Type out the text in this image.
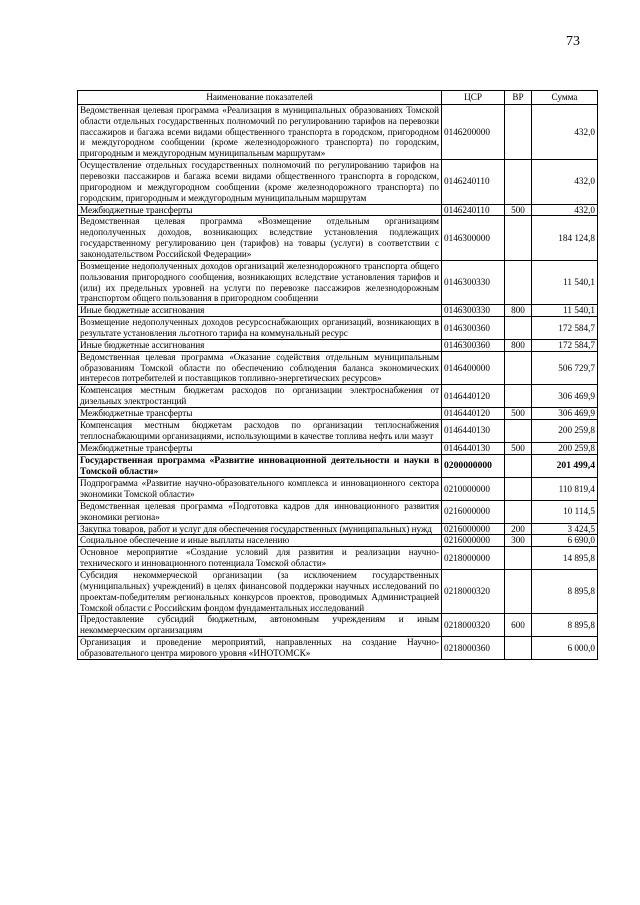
73
Наименование показателей	ЦСР	ВР	Сумма
Ведомственная целевая программа «Реализация в муниципальных образованиях Томской области отдельных государственных полномочий по регулированию тарифов на перевозки пассажиров и багажа всеми видами общественного транспорта в городском, пригородном и междугородном сообщении (кроме железнодорожного транспорта) по городским, пригородным и междугородным муниципальным маршрутам»	0146200000		432,0
Осуществление отдельных государственных полномочий по регулированию тарифов на перевозки пассажиров и багажа всеми видами общественного транспорта в городском, пригородном и междугородном сообщении (кроме железнодорожного транспорта) по городским, пригородным и междугородным муниципальным маршрутам	0146240110		432,0
Межбюджетные трансферты	0146240110	500	432,0
Ведомственная целевая программа «Возмещение отдельным организациям недополученных доходов, возникающих вследствие установления подлежащих государственному регулированию цен (тарифов) на товары (услуги) в соответствии с законодательством Российской Федерации»	0146300000		184 124,8
Возмещение недополученных доходов организаций железнодорожного транспорта общего пользования пригородного сообщения, возникающих вследствие установления тарифов и (или) их предельных уровней на услуги по перевозке пассажиров железнодорожным транспортом общего пользования в пригородном сообщении	0146300330		11 540,1
Иные бюджетные ассигнования	0146300330	800	11 540,1
Возмещение недополученных доходов ресурсоснабжающих организаций, возникающих в результате установления льготного тарифа на коммунальный ресурс	0146300360		172 584,7
Иные бюджетные ассигнования	0146300360	800	172 584,7
Ведомственная целевая программа «Оказание содействия отдельным муниципальным образованиям Томской области по обеспечению соблюдения баланса экономических интересов потребителей и поставщиков топливно-энергетических ресурсов»	0146400000		506 729,7
Компенсация местным бюджетам расходов по организации электроснабжения от дизельных электростанций	0146440120		306 469,9
Межбюджетные трансферты	0146440120	500	306 469,9
Компенсация местным бюджетам расходов по организации теплоснабжения теплоснабжающими организациями, использующими в качестве топлива нефть или мазут	0146440130		200 259,8
Межбюджетные трансферты	0146440130	500	200 259,8
Государственная программа «Развитие инновационной деятельности и науки в Томской области»	0200000000		201 499,4
Подпрограмма «Развитие научно-образовательного комплекса и инновационного сектора экономики Томской области»	0210000000		110 819,4
Ведомственная целевая программа «Подготовка кадров для инновационного развития экономики региона»	0216000000		10 114,5
Закупка товаров, работ и услуг для обеспечения государственных (муниципальных) нужд	0216000000	200	3 424,5
Социальное обеспечение и иные выплаты населению	0216000000	300	6 690,0
Основное мероприятие «Создание условий для развития и реализации научно-технического и инновационного потенциала Томской области»	0218000000		14 895,8
Субсидия некоммерческой организации (за исключением государственных (муниципальных) учреждений) в целях финансовой поддержки научных исследований по проектам-победителям региональных конкурсов проектов, проводимых Администрацией Томской области с Российским фондом фундаментальных исследований	0218000320		8 895,8
Предоставление субсидий бюджетным, автономным учреждениям и иным некоммерческим организациям	0218000320	600	8 895,8
Организация и проведение мероприятий, направленных на создание Научно-образовательного центра мирового уровня «ИНОТОМСК»	0218000360		6 000,0
